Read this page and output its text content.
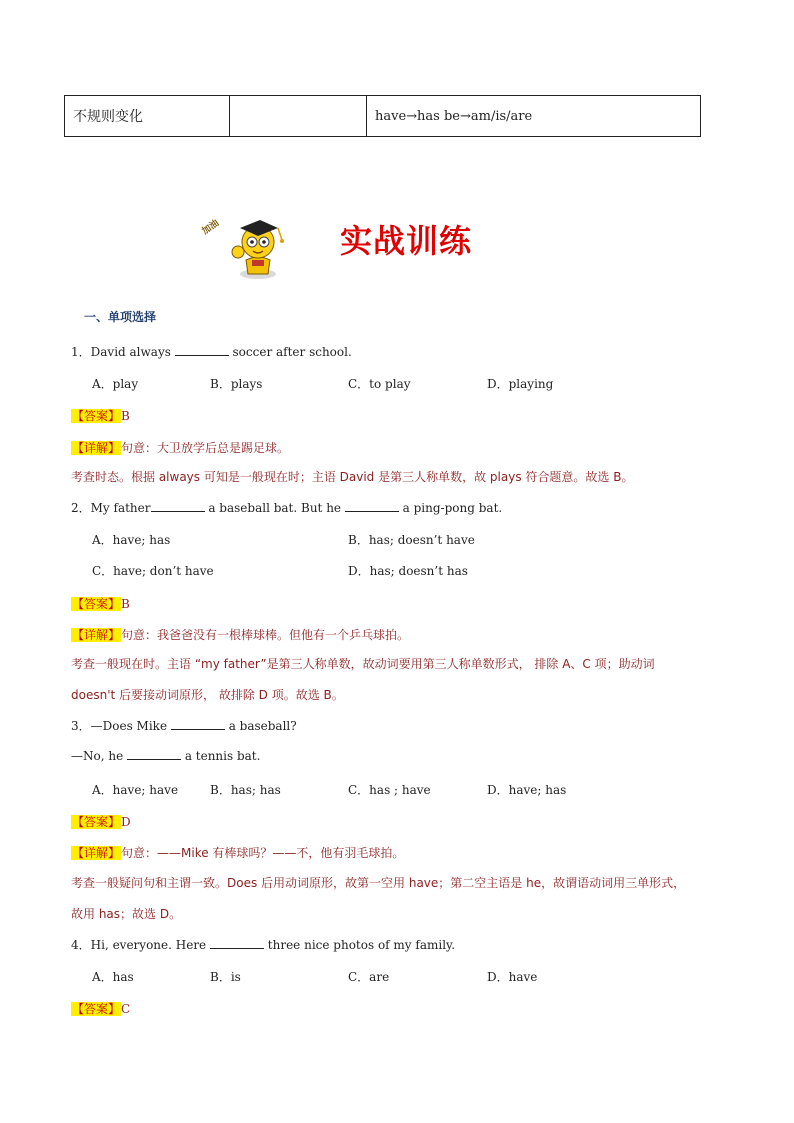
不规则变化		have→has be→am/is/are
加油	实战训练
一、单项选择
1．David always	soccer after school.
A．play	B．plays	C．to play	D．playing
【答案】B
【详解】句意：大卫放学后总是踢足球。
考查时态。根据 always 可知是一般现在时；主语 David 是第三人称单数，故 plays 符合题意。故选 B。
2．My father	a baseball bat. But he	a ping-pong bat.
A．have; has	B．has; doesn’t have
C．have; don’t have	D．has; doesn’t has
【答案】B
【详解】句意：我爸爸没有一根棒球棒。但他有一个乒乓球拍。
考查一般现在时。主语 “my father”是第三人称单数，故动词要用第三人称单数形式， 排除 A、C 项；助动词
doesn't 后要接动词原形， 故排除 D 项。故选 B。
3．—Does Mike	a baseball?
—No, he	a tennis bat.
A．have; have	B．has; has	C．has ; have	D．have; has
【答案】D
【详解】句意：——Mike 有棒球吗？——不，他有羽毛球拍。
考查一般疑问句和主谓一致。Does 后用动词原形，故第一空用 have；第二空主语是 he，故谓语动词用三单形式，
故用 has；故选 D。
4．Hi, everyone. Here	three nice photos of my family.
A．has	B．is	C．are	D．have
【答案】C
